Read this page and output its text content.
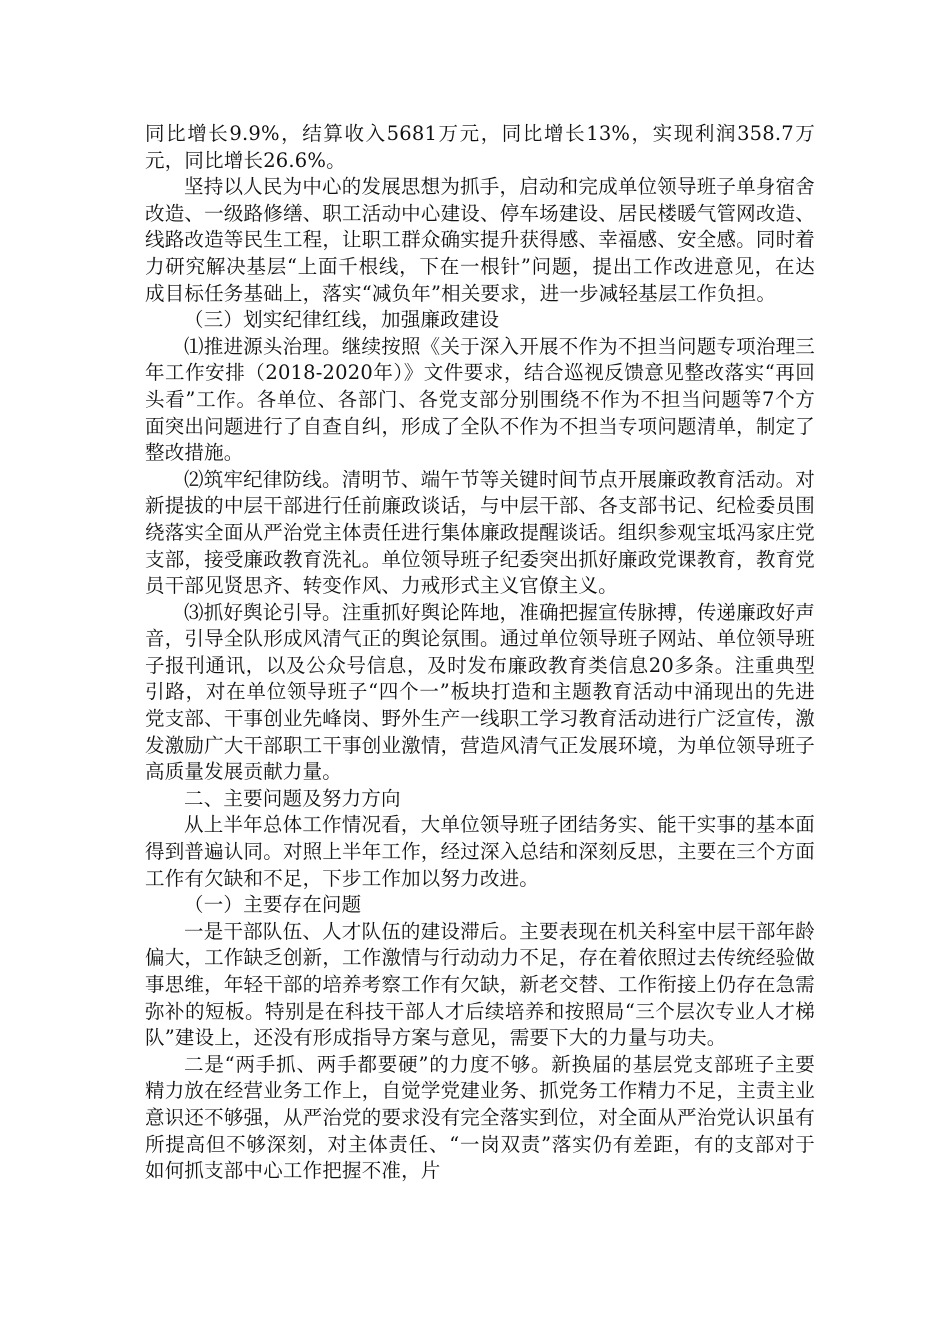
同比增长9.9%，结算收入5681万元，同比增长13%，实现利润358.7万元，同比增长26.6%。

坚持以人民为中心的发展思想为抓手，启动和完成单位领导班子单身宿舍改造、一级路修缮、职工活动中心建设、停车场建设、居民楼暖气管网改造、线路改造等民生工程，让职工群众确实提升获得感、幸福感、安全感。同时着力研究解决基层“上面千根线，下在一根针”问题，提出工作改进意见，在达成目标任务基础上，落实“减负年”相关要求，进一步减轻基层工作负担。

（三）划实纪律红线，加强廉政建设

⑴推进源头治理。继续按照《关于深入开展不作为不担当问题专项治理三年工作安排（2018-2020年）》文件要求，结合巡视反馈意见整改落实“再回头看”工作。各单位、各部门、各党支部分别围绕不作为不担当问题等7个方面突出问题进行了自查自纠，形成了全队不作为不担当专项问题清单，制定了整改措施。

⑵筑牢纪律防线。清明节、端午节等关键时间节点开展廉政教育活动。对新提拔的中层干部进行任前廉政谈话，与中层干部、各支部书记、纪检委员围绕落实全面从严治党主体责任进行集体廉政提醒谈话。组织参观宝坻冯家庄党支部，接受廉政教育洗礼。单位领导班子纪委突出抓好廉政党课教育，教育党员干部见贤思齐、转变作风、力戒形式主义官僚主义。

⑶抓好舆论引导。注重抓好舆论阵地，准确把握宣传脉搏，传递廉政好声音，引导全队形成风清气正的舆论氛围。通过单位领导班子网站、单位领导班子报刊通讯，以及公众号信息，及时发布廉政教育类信息20多条。注重典型引路，对在单位领导班子“四个一”板块打造和主题教育活动中涌现出的先进党支部、干事创业先峰岗、野外生产一线职工学习教育活动进行广泛宣传，激发激励广大干部职工干事创业激情，营造风清气正发展环境，为单位领导班子高质量发展贡献力量。

二、主要问题及努力方向

从上半年总体工作情况看，大单位领导班子团结务实、能干实事的基本面得到普遍认同。对照上半年工作，经过深入总结和深刻反思，主要在三个方面工作有欠缺和不足，下步工作加以努力改进。

（一）主要存在问题

一是干部队伍、人才队伍的建设滞后。主要表现在机关科室中层干部年龄偏大，工作缺乏创新，工作激情与行动动力不足，存在着依照过去传统经验做事思维，年轻干部的培养考察工作有欠缺，新老交替、工作衔接上仍存在急需弥补的短板。特别是在科技干部人才后续培养和按照局“三个层次专业人才梯队”建设上，还没有形成指导方案与意见，需要下大的力量与功夫。

二是“两手抓、两手都要硬”的力度不够。新换届的基层党支部班子主要精力放在经营业务工作上，自觉学党建业务、抓党务工作精力不足，主责主业意识还不够强，从严治党的要求没有完全落实到位，对全面从严治党认识虽有所提高但不够深刻，对主体责任、“一岗双责”落实仍有差距，有的支部对于如何抓支部中心工作把握不准，片
